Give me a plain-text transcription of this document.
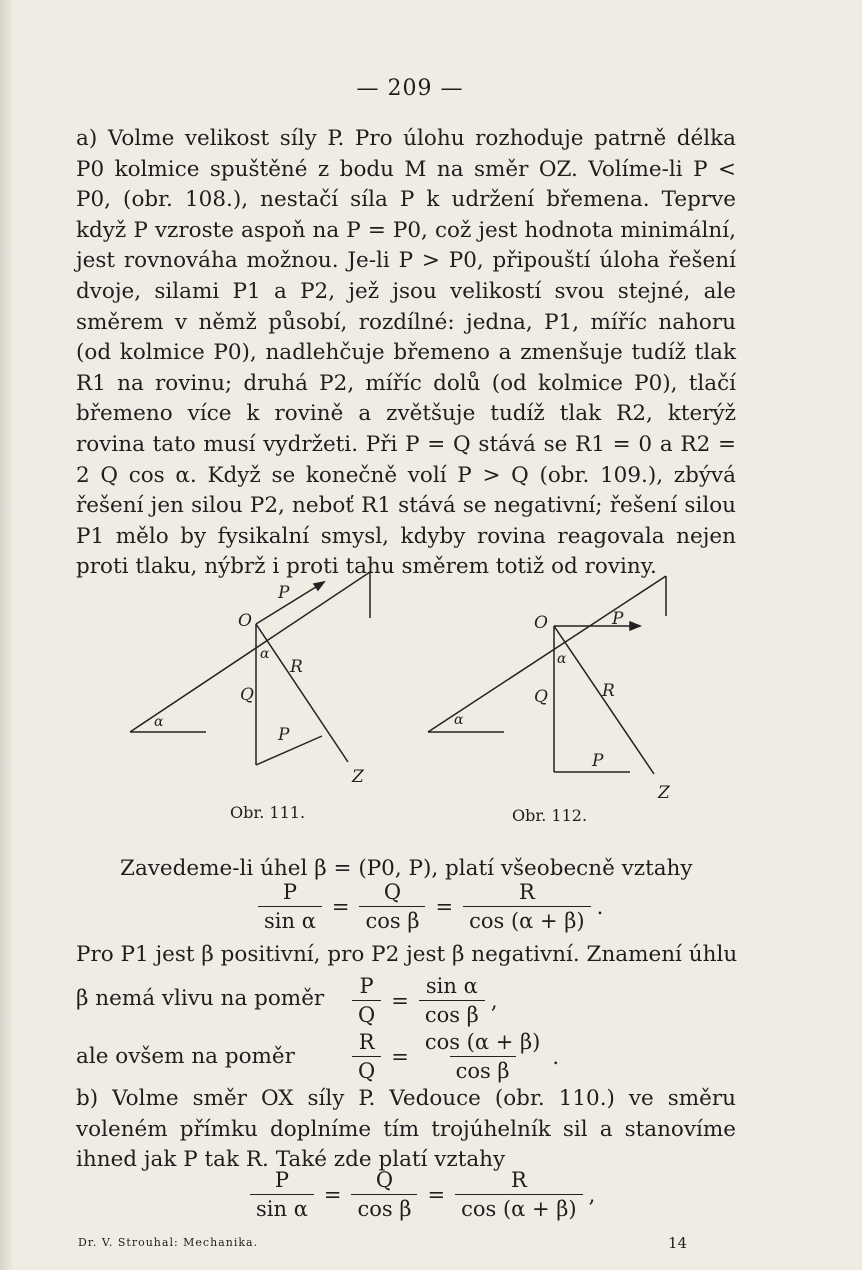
— 209 —
a) Volme velikost síly P. Pro úlohu rozhoduje patrně délka P0 kolmice spuštěné z bodu M na směr OZ. Volíme-li P < P0, (obr. 108.), nestačí síla P k udržení břemena. Teprve když P vzroste aspoň na P = P0, což jest hodnota minimální, jest rovnováha možnou. Je-li P > P0, připouští úloha řešení dvoje, silami P1 a P2, jež jsou velikostí svou stejné, ale směrem v němž působí, rozdílné: jedna, P1, míříc nahoru (od kolmice P0), nadlehčuje břemeno a zmenšuje tudíž tlak R1 na rovinu; druhá P2, míříc dolů (od kolmice P0), tlačí břemeno více k rovině a zvětšuje tudíž tlak R2, kterýž rovina tato musí vydržeti. Při P = Q stává se R1 = 0 a R2 = 2 Q cos α. Když se konečně volí P > Q (obr. 109.), zbývá řešení jen silou P2, neboť R1 stává se negativní; řešení silou P1 mělo by fysikalní smysl, kdyby rovina reagovala nejen proti tlaku, nýbrž i proti tahu směrem totiž od roviny.
P
O
α
R
Q
α
P
Z
O	P
α
R
Q
α
P
Z
Obr. 111.	Obr. 112.
Zavedeme-li úhel β = (P0, P), platí všeobecně vztahy
$\frac{P}{\text{sin α}} = \frac{Q}{\text{cos β}} = \frac{R}{\cos (\alpha + \beta)}$ .
Pro P1 jest β positivní, pro P2 jest β negativní. Znamení úhlu
β nemá vlivu na poměr	$\frac{P}{Q} = \frac{\text{sin α}}{\text{cos β}}$ ,
ale ovšem na poměr	$\frac{R}{Q} = \frac{\cos (\alpha + \beta)}{\text{cos β}}$ .
b) Volme směr OX síly P. Vedouce (obr. 110.) ve směru voleném přímku doplníme tím trojúhelník sil a stanovíme ihned jak P tak R. Také zde platí vztahy
$\frac{P}{\text{sin α}} = \frac{Q}{\text{cos β}} = \frac{R}{\cos (\alpha + \beta)}$ ,
Dr. V. Strouhal: Mechanika.	14
